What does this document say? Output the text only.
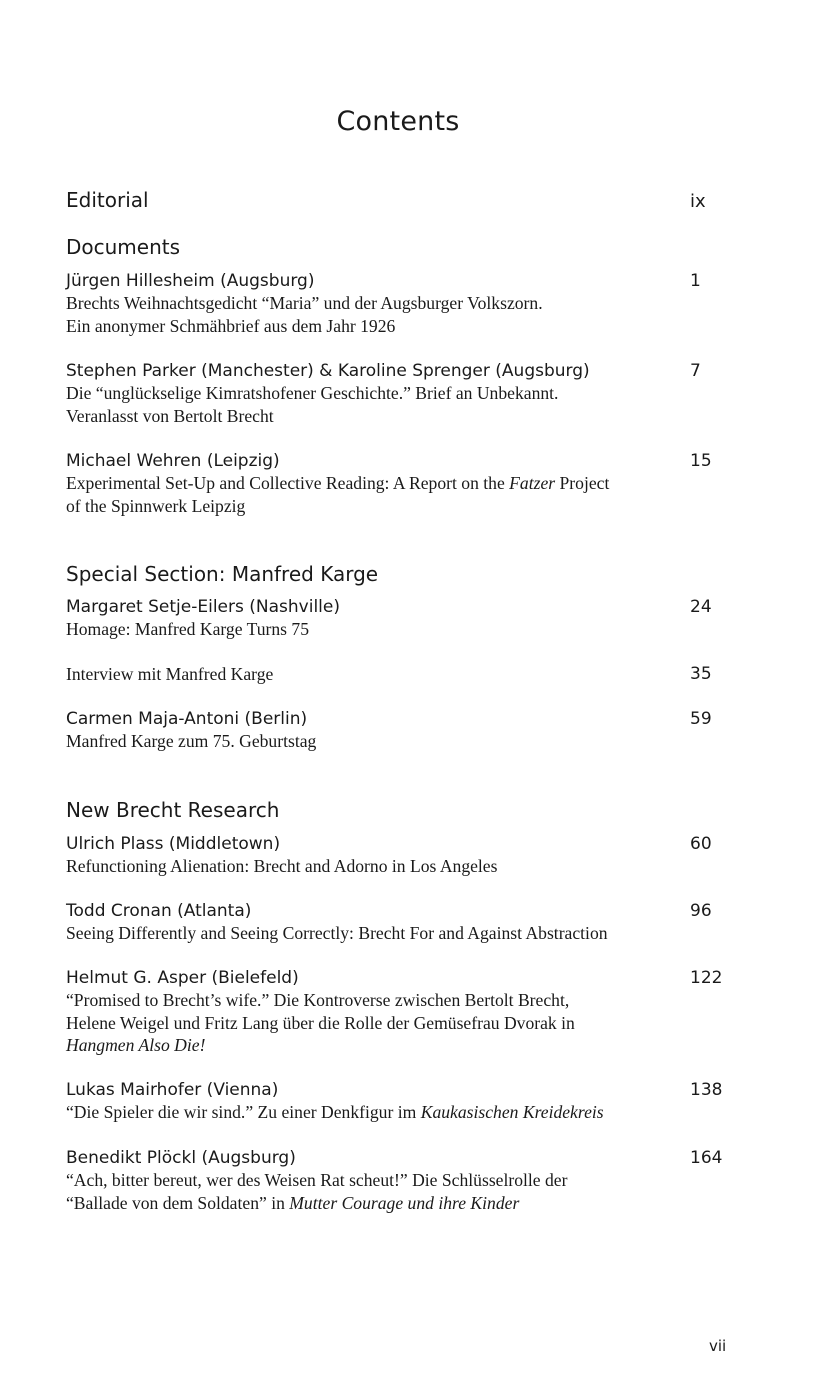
Contents
Editorial	ix
Documents
Jürgen Hillesheim (Augsburg)	1
Brechts Weihnachtsgedicht “Maria” und der Augsburger Volkszorn.
Ein anonymer Schmähbrief aus dem Jahr 1926
Stephen Parker (Manchester) & Karoline Sprenger (Augsburg)	7
Die “unglückselige Kimratshofener Geschichte.” Brief an Unbekannt.
Veranlasst von Bertolt Brecht
Michael Wehren (Leipzig)	15
Experimental Set-Up and Collective Reading: A Report on the Fatzer Project
of the Spinnwerk Leipzig
Special Section: Manfred Karge
Margaret Setje-Eilers (Nashville)	24
Homage: Manfred Karge Turns 75
Interview mit Manfred Karge	35
Carmen Maja-Antoni (Berlin)	59
Manfred Karge zum 75. Geburtstag
New Brecht Research
Ulrich Plass (Middletown)	60
Refunctioning Alienation: Brecht and Adorno in Los Angeles
Todd Cronan (Atlanta)	96
Seeing Differently and Seeing Correctly: Brecht For and Against Abstraction
Helmut G. Asper (Bielefeld)	122
“Promised to Brecht’s wife.” Die Kontroverse zwischen Bertolt Brecht,
Helene Weigel und Fritz Lang über die Rolle der Gemüsefrau Dvorak in
Hangmen Also Die!
Lukas Mairhofer (Vienna)	138
“Die Spieler die wir sind.” Zu einer Denkfigur im Kaukasischen Kreidekreis
Benedikt Plöckl (Augsburg)	164
“Ach, bitter bereut, wer des Weisen Rat scheut!” Die Schlüsselrolle der
“Ballade von dem Soldaten” in Mutter Courage und ihre Kinder
vii
